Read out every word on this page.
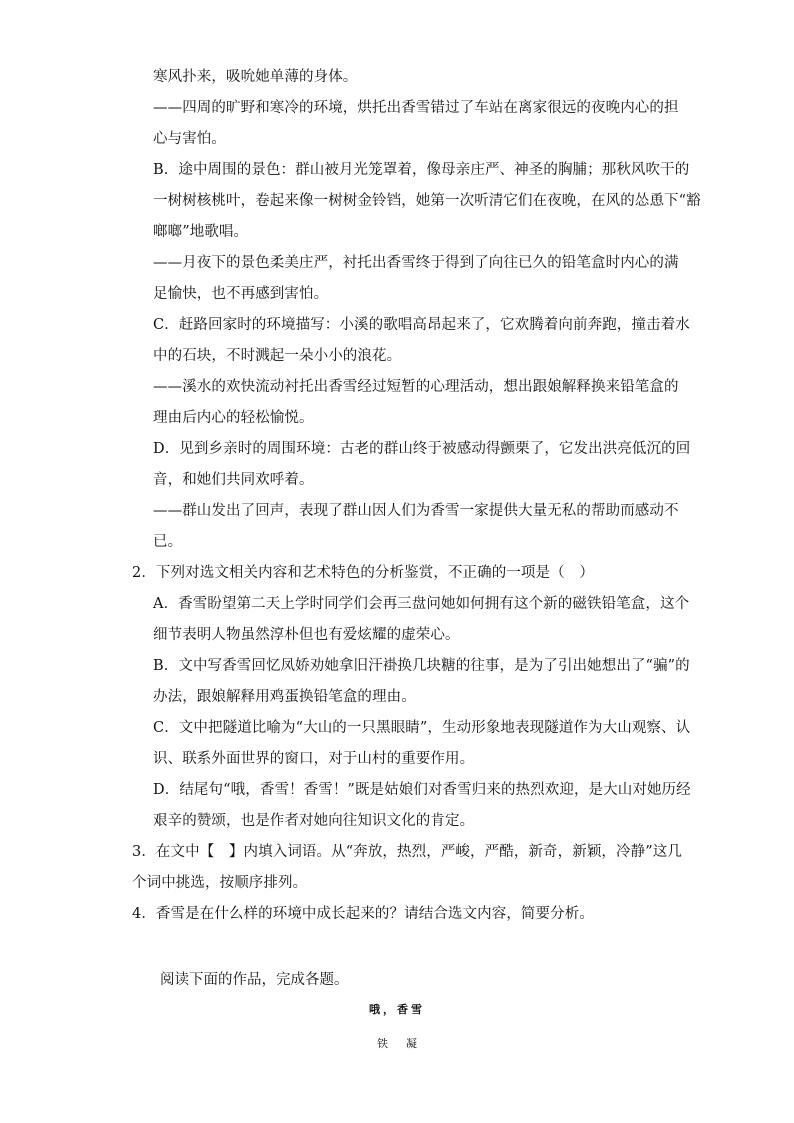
寒风扑来，吸吮她单薄的身体。
——四周的旷野和寒冷的环境，烘托出香雪错过了车站在离家很远的夜晚内心的担
心与害怕。
B．途中周围的景色：群山被月光笼罩着，像母亲庄严、神圣的胸脯；那秋风吹干的
一树树核桃叶，卷起来像一树树金铃铛，她第一次听清它们在夜晚，在风的怂恿下“豁
啷啷”地歌唱。
——月夜下的景色柔美庄严，衬托出香雪终于得到了向往已久的铅笔盒时内心的满
足愉快，也不再感到害怕。
C．赶路回家时的环境描写：小溪的歌唱高昂起来了，它欢腾着向前奔跑，撞击着水
中的石块，不时溅起一朵小小的浪花。
——溪水的欢快流动衬托出香雪经过短暂的心理活动，想出跟娘解释换来铅笔盒的
理由后内心的轻松愉悦。
D．见到乡亲时的周围环境：古老的群山终于被感动得颤栗了，它发出洪亮低沉的回
音，和她们共同欢呼着。
——群山发出了回声，表现了群山因人们为香雪一家提供大量无私的帮助而感动不
已。
2．下列对选文相关内容和艺术特色的分析鉴赏，不正确的一项是（　）
A．香雪盼望第二天上学时同学们会再三盘问她如何拥有这个新的磁铁铅笔盒，这个
细节表明人物虽然淳朴但也有爱炫耀的虚荣心。
B．文中写香雪回忆凤娇劝她拿旧汗褂换几块糖的往事，是为了引出她想出了“骗”的
办法，跟娘解释用鸡蛋换铅笔盒的理由。
C．文中把隧道比喻为“大山的一只黑眼睛”，生动形象地表现隧道作为大山观察、认
识、联系外面世界的窗口，对于山村的重要作用。
D．结尾句“哦，香雪！香雪！”既是姑娘们对香雪归来的热烈欢迎，是大山对她历经
艰辛的赞颂，也是作者对她向往知识文化的肯定。
3．在文中【　】内填入词语。从“奔放，热烈，严峻，严酷，新奇，新颖，冷静”这几
个词中挑选，按顺序排列。
4．香雪是在什么样的环境中成长起来的？请结合选文内容，简要分析。
阅读下面的作品，完成各题。
哦，香雪
铁凝
